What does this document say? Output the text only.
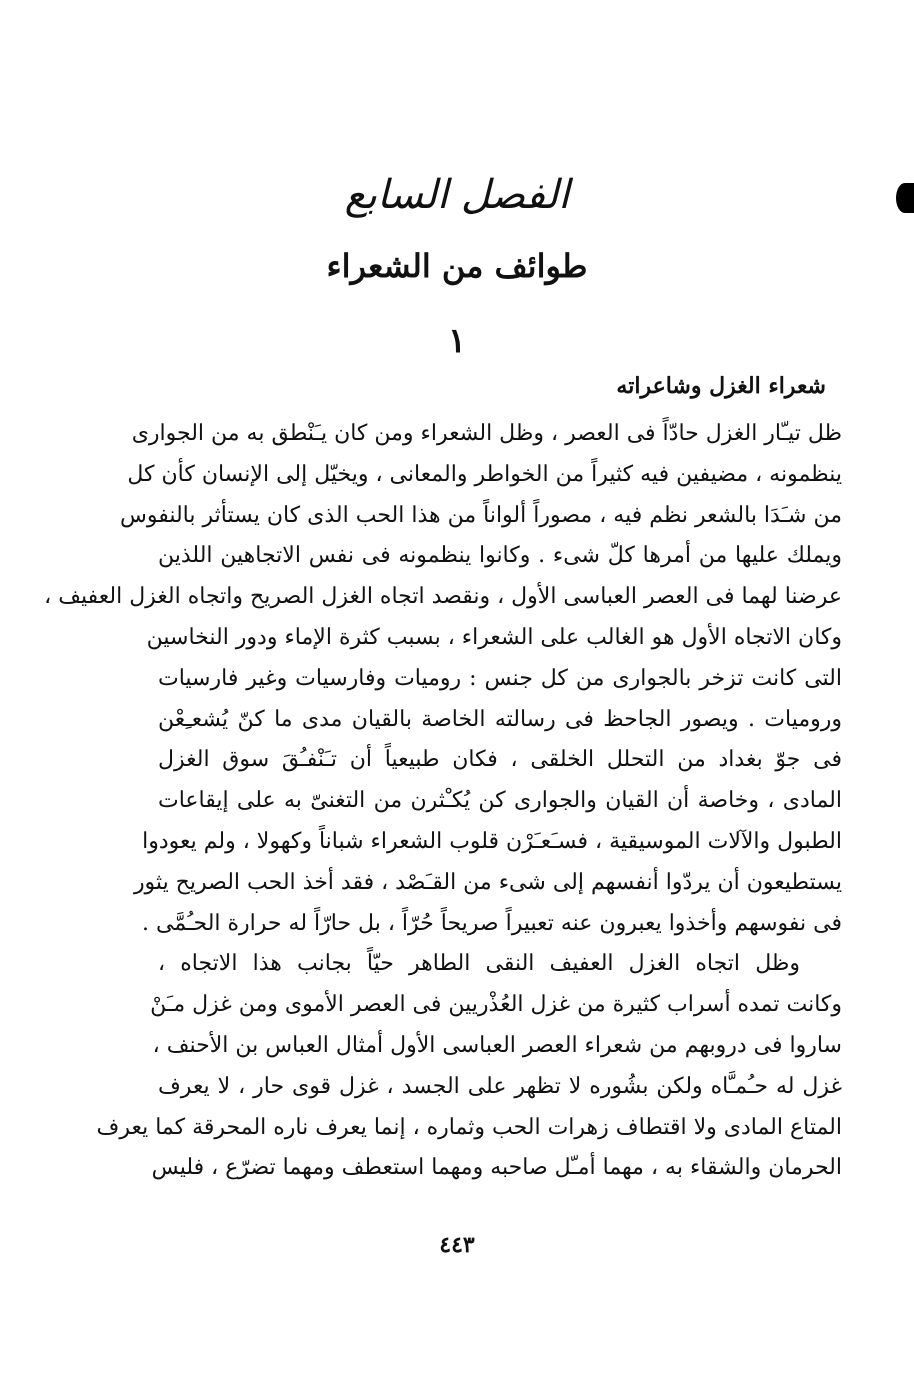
الفصل السابع
طوائف من الشعراء
١
شعراء الغزل وشاعراته
ظل تيـّار الغزل حادّاً فى العصر ، وظل الشعراء ومن كان يـَنْطق به من الجوارى
ينظمونه ، مضيفين فيه كثيراً من الخواطر والمعانى ، ويخيّل إلى الإنسان كأن كل
من شـَدَا بالشعر نظم فيه ، مصوراً ألواناً من هذا الحب الذى كان يستأثر بالنفوس
ويملك عليها من أمرها كلّ شىء . وكانوا ينظمونه فى نفس الاتجاهين اللذين
عرضنا لهما فى العصر العباسى الأول ، ونقصد اتجاه الغزل الصريح واتجاه الغزل العفيف ،
وكان الاتجاه الأول هو الغالب على الشعراء ، بسبب كثرة الإماء ودور النخاسين
التى كانت تزخر بالجوارى من كل جنس : روميات وفارسيات وغير فارسيات
وروميات . ويصور الجاحظ فى رسالته الخاصة بالقيان مدى ما كنّ يُشعـِعْن
فى جوّ بغداد من التحلل الخلقى ، فكان طبيعياً أن تـَنْفـُقَ سوق الغزل
المادى ، وخاصة أن القيان والجوارى كن يُكـْثرن من التغنىّ به على إيقاعات
الطبول والآلات الموسيقية ، فسـَعـَرْن قلوب الشعراء شباناً وكهولا ، ولم يعودوا
يستطيعون أن يردّوا أنفسهم إلى شىء من القـَصْد ، فقد أخذ الحب الصريح يثور
فى نفوسهم وأخذوا يعبرون عنه تعبيراً صريحاً حُرّاً ، بل حارّاً له حرارة الحـُمَّى .
وظل اتجاه الغزل العفيف النقى الطاهر حيّاً بجانب هذا الاتجاه ،
وكانت تمده أسراب كثيرة من غزل العُذْريين فى العصر الأموى ومن غزل مـَنْ
ساروا فى دروبهم من شعراء العصر العباسى الأول أمثال العباس بن الأحنف ،
غزل له حـُمـَّاه ولكن بشُوره لا تظهر على الجسد ، غزل قوى حار ، لا يعرف
المتاع المادى ولا اقتطاف زهرات الحب وثماره ، إنما يعرف ناره المحرقة كما يعرف
الحرمان والشقاء به ، مهما أمـّل صاحبه ومهما استعطف ومهما تضرّع ، فليس
٤٤٣
